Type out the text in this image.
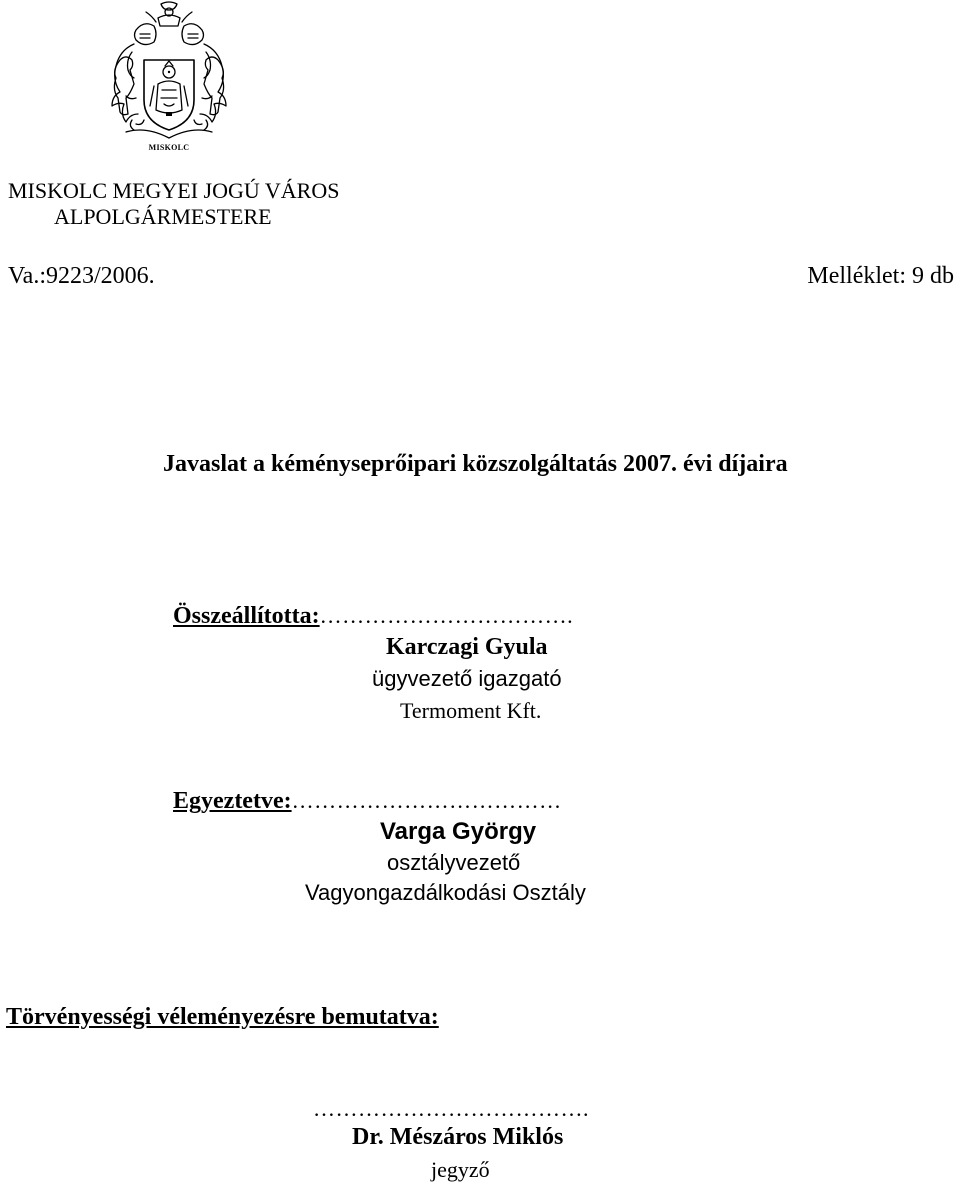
MISKOLC
MISKOLC MEGYEI JOGÚ VÁROS
ALPOLGÁRMESTERE
Va.:9223/2006.	Melléklet: 9 db
Javaslat a kéményseprőipari közszolgáltatás 2007. évi díjaira
Összeállította:…………………………….
Karczagi Gyula
ügyvezető igazgató
Termoment Kft.
Egyeztetve:………………………………
Varga György
osztályvezető
Vagyongazdálkodási Osztály
Törvényességi véleményezésre bemutatva:
……………………………….
Dr. Mészáros Miklós
jegyző
